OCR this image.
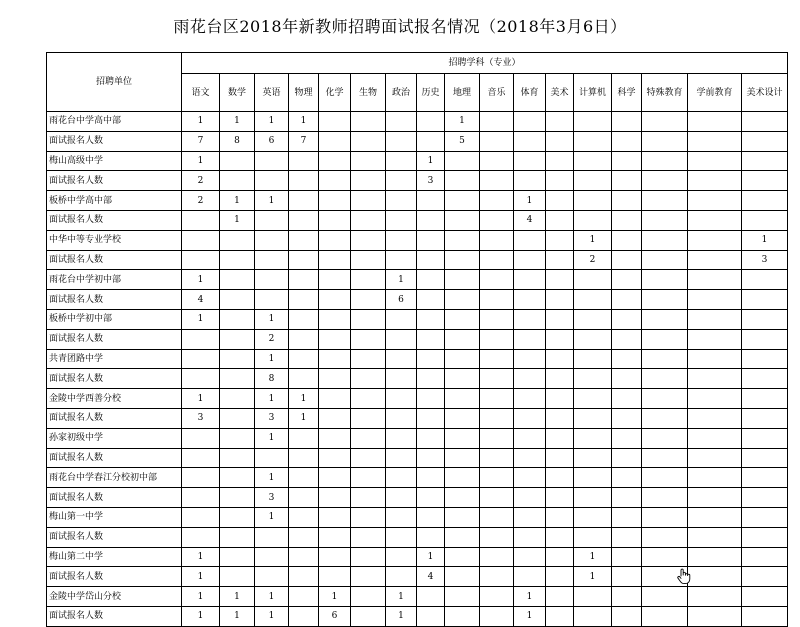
雨花台区2018年新教师招聘面试报名情况（2018年3月6日）
招聘单位	招聘学科（专业）																
	语文	数学	英语	物理	化学	生物	政治	历史	地理	音乐	体育	美术	计算机	科学	特殊教育	学前教育	美术设计
雨花台中学高中部	1	1	1	1					1								
面试报名人数	7	8	6	7					5								
梅山高级中学	1							1									
面试报名人数	2							3									
板桥中学高中部	2	1	1								1						
面试报名人数		1									4						
中华中等专业学校													1				1
面试报名人数													2				3
雨花台中学初中部	1						1										
面试报名人数	4						6										
板桥中学初中部	1		1														
面试报名人数			2														
共青团路中学			1														
面试报名人数			8														
金陵中学西善分校	1		1	1													
面试报名人数	3		3	1													
孙家初级中学			1														
面试报名人数																	
雨花台中学春江分校初中部			1														
面试报名人数			3														
梅山第一中学			1														
面试报名人数																	
梅山第二中学	1							1					1				
面试报名人数	1							4					1				
金陵中学岱山分校	1	1	1		1		1				1						
面试报名人数	1	1	1		6		1				1						
